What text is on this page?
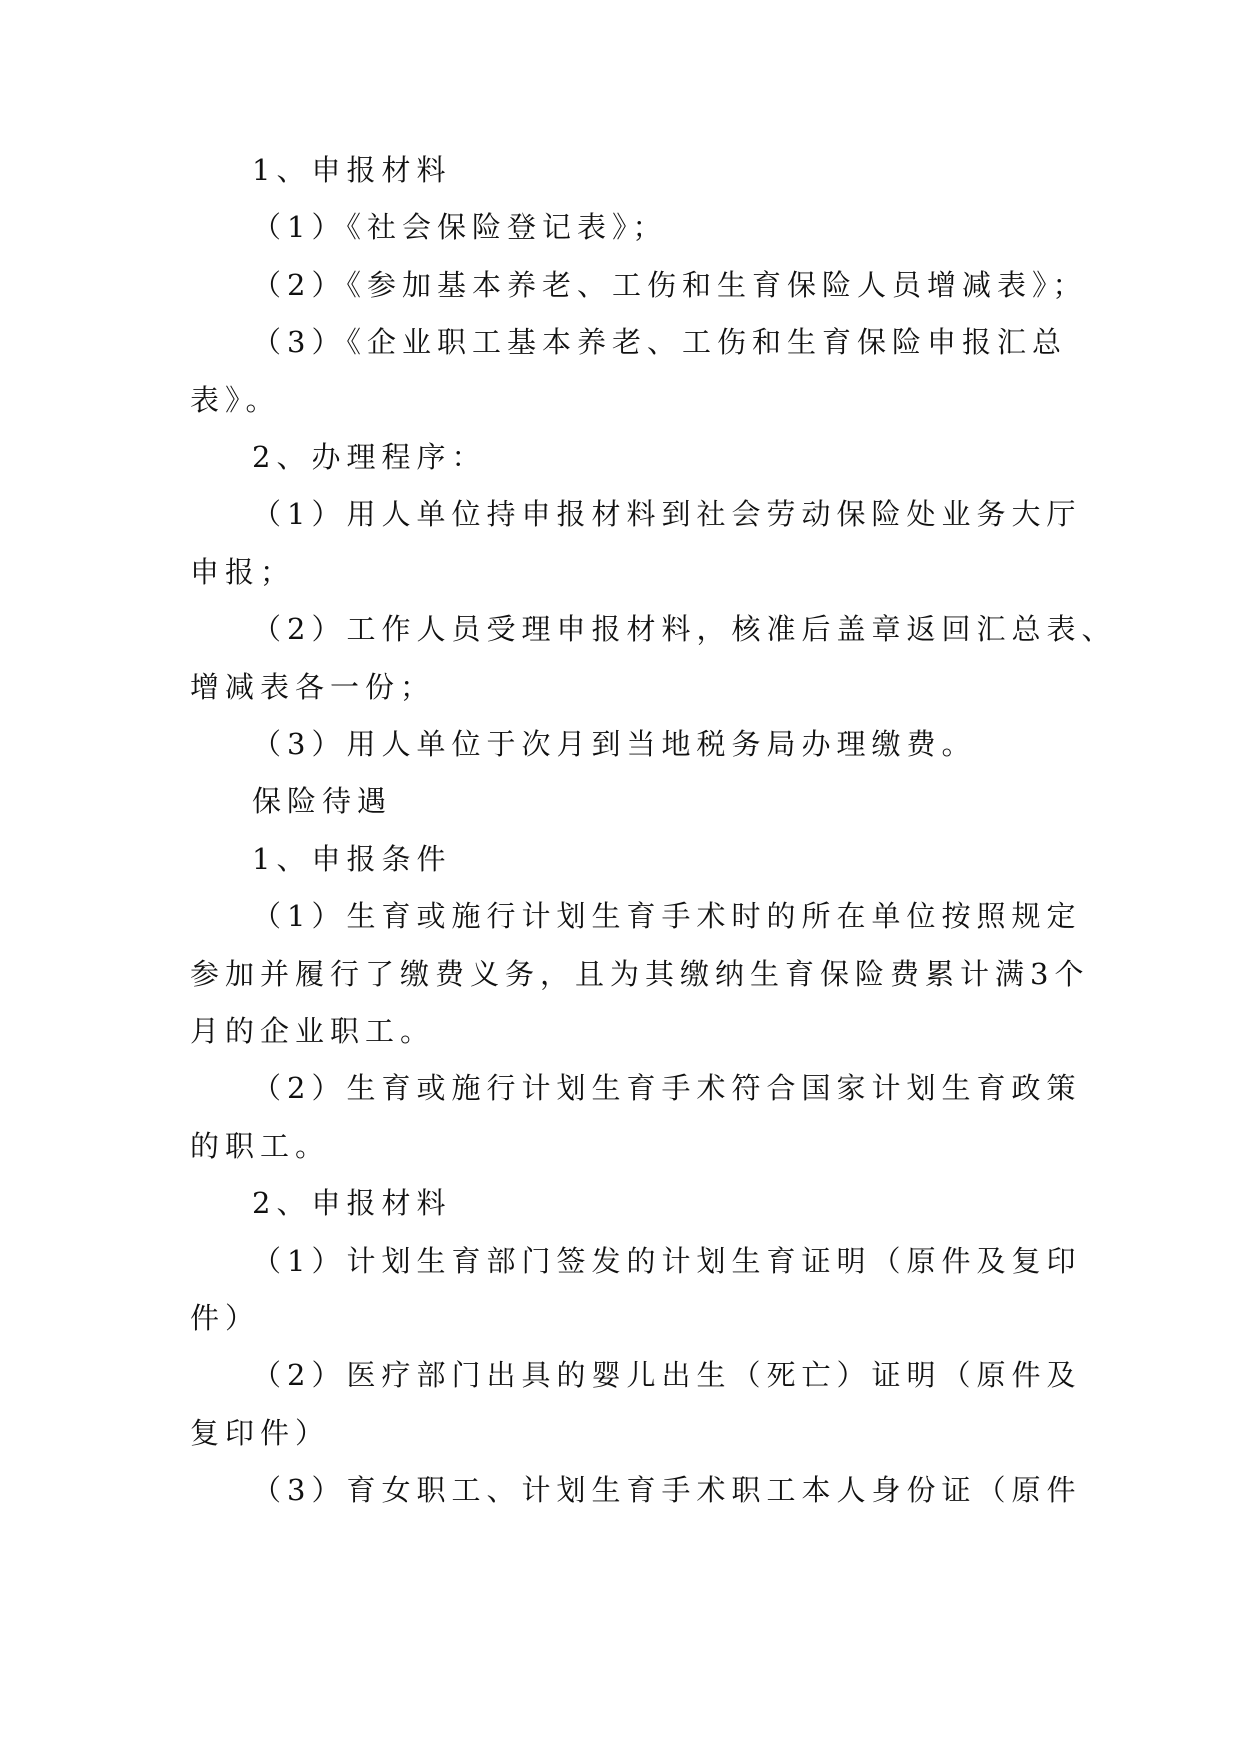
1、申报材料
（1）《社会保险登记表》；
（2）《参加基本养老、工伤和生育保险人员增减表》；
（3）《企业职工基本养老、工伤和生育保险申报汇总
表》。
2、办理程序：
（1）用人单位持申报材料到社会劳动保险处业务大厅
申报；
（2）工作人员受理申报材料，核准后盖章返回汇总表、
增减表各一份；
（3）用人单位于次月到当地税务局办理缴费。
保险待遇
1、申报条件
（1）生育或施行计划生育手术时的所在单位按照规定
参加并履行了缴费义务，且为其缴纳生育保险费累计满3个
月的企业职工。
（2）生育或施行计划生育手术符合国家计划生育政策
的职工。
2、申报材料
（1）计划生育部门签发的计划生育证明（原件及复印
件）
（2）医疗部门出具的婴儿出生（死亡）证明（原件及
复印件）
（3）育女职工、计划生育手术职工本人身份证（原件
